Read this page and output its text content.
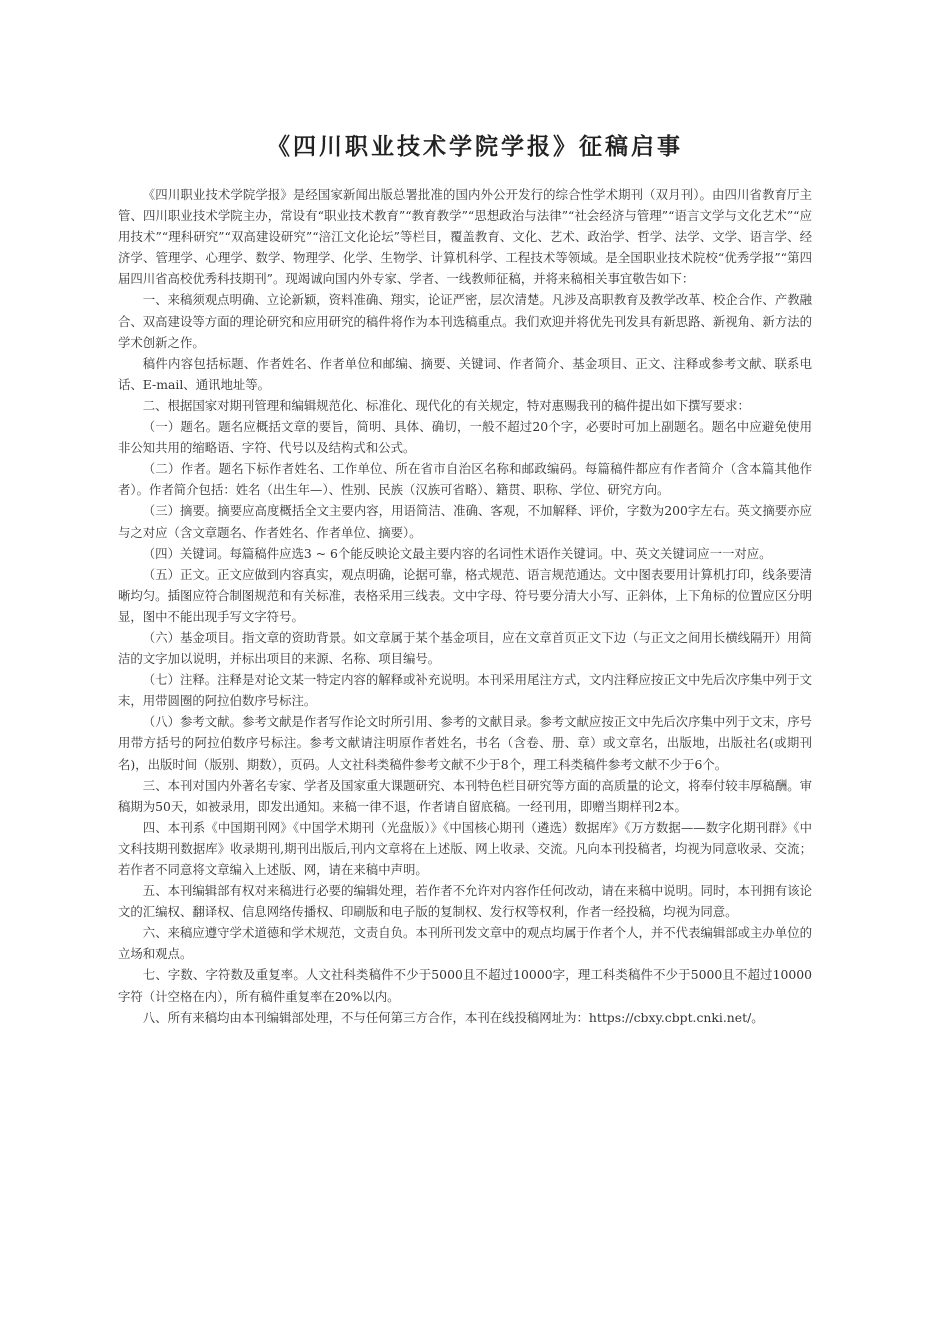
《四川职业技术学院学报》征稿启事

《四川职业技术学院学报》是经国家新闻出版总署批准的国内外公开发行的综合性学术期刊（双月刊）。由四川省教育厅主管、四川职业技术学院主办，常设有“职业技术教育”“教育教学”“思想政治与法律”“社会经济与管理”“语言文学与文化艺术”“应用技术”“理科研究”“双高建设研究”“涪江文化论坛”等栏目，覆盖教育、文化、艺术、政治学、哲学、法学、文学、语言学、经济学、管理学、心理学、数学、物理学、化学、生物学、计算机科学、工程技术等领域。是全国职业技术院校“优秀学报”“第四届四川省高校优秀科技期刊”。现竭诚向国内外专家、学者、一线教师征稿，并将来稿相关事宜敬告如下：

一、来稿须观点明确、立论新颖，资料准确、翔实，论证严密，层次清楚。凡涉及高职教育及教学改革、校企合作、产教融合、双高建设等方面的理论研究和应用研究的稿件将作为本刊选稿重点。我们欢迎并将优先刊发具有新思路、新视角、新方法的学术创新之作。

稿件内容包括标题、作者姓名、作者单位和邮编、摘要、关键词、作者简介、基金项目、正文、注释或参考文献、联系电话、E-mail、通讯地址等。

二、根据国家对期刊管理和编辑规范化、标准化、现代化的有关规定，特对惠赐我刊的稿件提出如下撰写要求：

（一）题名。题名应概括文章的要旨，简明、具体、确切，一般不超过20个字，必要时可加上副题名。题名中应避免使用非公知共用的缩略语、字符、代号以及结构式和公式。

（二）作者。题名下标作者姓名、工作单位、所在省市自治区名称和邮政编码。每篇稿件都应有作者简介（含本篇其他作者）。作者简介包括：姓名（出生年—）、性别、民族（汉族可省略）、籍贯、职称、学位、研究方向。

（三）摘要。摘要应高度概括全文主要内容，用语简洁、准确、客观，不加解释、评价，字数为200字左右。英文摘要亦应与之对应（含文章题名、作者姓名、作者单位、摘要）。

（四）关键词。每篇稿件应选3 ~ 6个能反映论文最主要内容的名词性术语作关键词。中、英文关键词应一一对应。

（五）正文。正文应做到内容真实，观点明确，论据可靠，格式规范、语言规范通达。文中图表要用计算机打印，线条要清晰均匀。插图应符合制图规范和有关标准，表格采用三线表。文中字母、符号要分清大小写、正斜体，上下角标的位置应区分明显，图中不能出现手写文字符号。

（六）基金项目。指文章的资助背景。如文章属于某个基金项目，应在文章首页正文下边（与正文之间用长横线隔开）用简洁的文字加以说明，并标出项目的来源、名称、项目编号。

（七）注释。注释是对论文某一特定内容的解释或补充说明。本刊采用尾注方式，文内注释应按正文中先后次序集中列于文末，用带圆圈的阿拉伯数序号标注。

（八）参考文献。参考文献是作者写作论文时所引用、参考的文献目录。参考文献应按正文中先后次序集中列于文末，序号用带方括号的阿拉伯数序号标注。参考文献请注明原作者姓名，书名（含卷、册、章）或文章名，出版地，出版社名(或期刊名)，出版时间（版别、期数），页码。人文社科类稿件参考文献不少于8个，理工科类稿件参考文献不少于6个。

三、本刊对国内外著名专家、学者及国家重大课题研究、本刊特色栏目研究等方面的高质量的论文，将奉付较丰厚稿酬。审稿期为50天，如被录用，即发出通知。来稿一律不退，作者请自留底稿。一经刊用，即赠当期样刊2本。

四、本刊系《中国期刊网》《中国学术期刊（光盘版）》《中国核心期刊（遴选）数据库》《万方数据——数字化期刊群》《中文科技期刊数据库》收录期刊,期刊出版后,刊内文章将在上述版、网上收录、交流。凡向本刊投稿者，均视为同意收录、交流；若作者不同意将文章编入上述版、网，请在来稿中声明。

五、本刊编辑部有权对来稿进行必要的编辑处理，若作者不允许对内容作任何改动，请在来稿中说明。同时，本刊拥有该论文的汇编权、翻译权、信息网络传播权、印刷版和电子版的复制权、发行权等权利，作者一经投稿，均视为同意。

六、来稿应遵守学术道德和学术规范，文责自负。本刊所刊发文章中的观点均属于作者个人，并不代表编辑部或主办单位的立场和观点。

七、字数、字符数及重复率。人文社科类稿件不少于5000且不超过10000字，理工科类稿件不少于5000且不超过10000字符（计空格在内），所有稿件重复率在20%以内。

八、所有来稿均由本刊编辑部处理，不与任何第三方合作，本刊在线投稿网址为：https://cbxy.cbpt.cnki.net/。
